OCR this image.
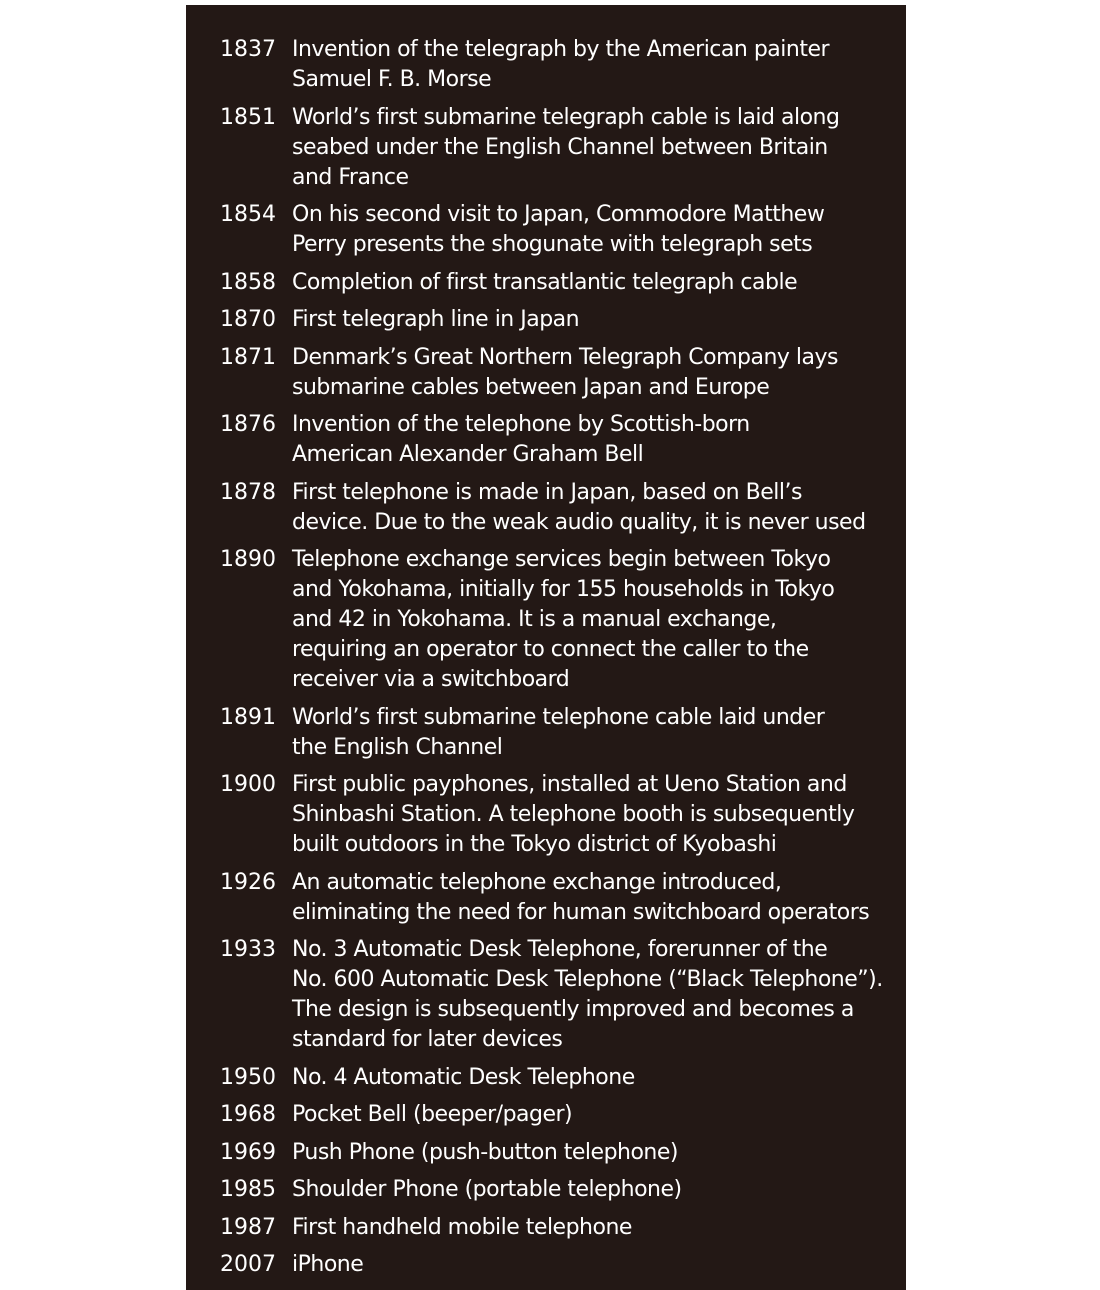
1837 Invention of the telegraph by the American painter
Samuel F. B. Morse
1851 World’s first submarine telegraph cable is laid along
seabed under the English Channel between Britain
and France
1854 On his second visit to Japan, Commodore Matthew
Perry presents the shogunate with telegraph sets
1858 Completion of first transatlantic telegraph cable
1870 First telegraph line in Japan
1871 Denmark’s Great Northern Telegraph Company lays
submarine cables between Japan and Europe
1876 Invention of the telephone by Scottish-born
American Alexander Graham Bell
1878 First telephone is made in Japan, based on Bell’s
device. Due to the weak audio quality, it is never used
1890 Telephone exchange services begin between Tokyo
and Yokohama, initially for 155 households in Tokyo
and 42 in Yokohama. It is a manual exchange,
requiring an operator to connect the caller to the
receiver via a switchboard
1891 World’s first submarine telephone cable laid under
the English Channel
1900 First public payphones, installed at Ueno Station and
Shinbashi Station. A telephone booth is subsequently
built outdoors in the Tokyo district of Kyobashi
1926 An automatic telephone exchange introduced,
eliminating the need for human switchboard operators
1933 No. 3 Automatic Desk Telephone, forerunner of the
No. 600 Automatic Desk Telephone (“Black Telephone”).
The design is subsequently improved and becomes a
standard for later devices
1950 No. 4 Automatic Desk Telephone
1968 Pocket Bell (beeper/pager)
1969 Push Phone (push-button telephone)
1985 Shoulder Phone (portable telephone)
1987 First handheld mobile telephone
2007 iPhone
